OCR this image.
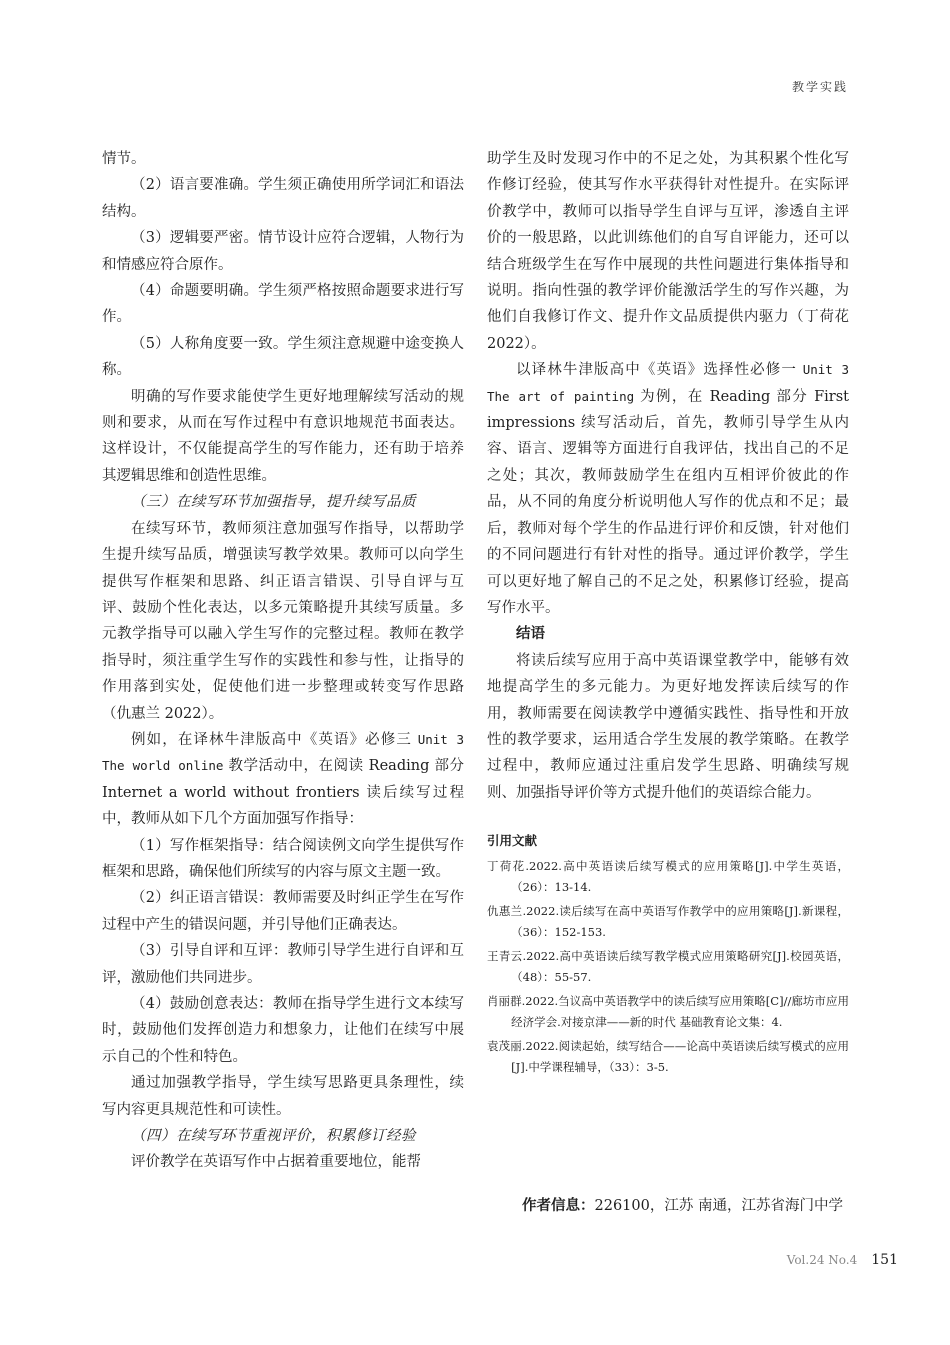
教学实践

情节。

（2）语言要准确。学生须正确使用所学词汇和语法结构。

（3）逻辑要严密。情节设计应符合逻辑，人物行为和情感应符合原作。

（4）命题要明确。学生须严格按照命题要求进行写作。

（5）人称角度要一致。学生须注意规避中途变换人称。

明确的写作要求能使学生更好地理解续写活动的规则和要求，从而在写作过程中有意识地规范书面表达。这样设计，不仅能提高学生的写作能力，还有助于培养其逻辑思维和创造性思维。

（三）在续写环节加强指导，提升续写品质

在续写环节，教师须注意加强写作指导，以帮助学生提升续写品质，增强读写教学效果。教师可以向学生提供写作框架和思路、纠正语言错误、引导自评与互评、鼓励个性化表达，以多元策略提升其续写质量。多元教学指导可以融入学生写作的完整过程。教师在教学指导时，须注重学生写作的实践性和参与性，让指导的作用落到实处，促使他们进一步整理或转变写作思路（仇惠兰 2022）。

例如，在译林牛津版高中《英语》必修三 Unit 3 The world online 教学活动中，在阅读 Reading 部分 Internet a world without frontiers 读后续写过程中，教师从如下几个方面加强写作指导：

（1）写作框架指导：结合阅读例文向学生提供写作框架和思路，确保他们所续写的内容与原文主题一致。

（2）纠正语言错误：教师需要及时纠正学生在写作过程中产生的错误问题，并引导他们正确表达。

（3）引导自评和互评：教师引导学生进行自评和互评，激励他们共同进步。

（4）鼓励创意表达：教师在指导学生进行文本续写时，鼓励他们发挥创造力和想象力，让他们在续写中展示自己的个性和特色。

通过加强教学指导，学生续写思路更具条理性，续写内容更具规范性和可读性。

（四）在续写环节重视评价，积累修订经验

评价教学在英语写作中占据着重要地位，能帮

助学生及时发现习作中的不足之处，为其积累个性化写作修订经验，使其写作水平获得针对性提升。在实际评价教学中，教师可以指导学生自评与互评，渗透自主评价的一般思路，以此训练他们的自写自评能力，还可以结合班级学生在写作中展现的共性问题进行集体指导和说明。指向性强的教学评价能激活学生的写作兴趣，为他们自我修订作文、提升作文品质提供内驱力（丁荷花 2022）。

以译林牛津版高中《英语》选择性必修一 Unit 3 The art of painting 为例，在 Reading 部分 First impressions 续写活动后，首先，教师引导学生从内容、语言、逻辑等方面进行自我评估，找出自己的不足之处；其次，教师鼓励学生在组内互相评价彼此的作品，从不同的角度分析说明他人写作的优点和不足；最后，教师对每个学生的作品进行评价和反馈，针对他们的不同问题进行有针对性的指导。通过评价教学，学生可以更好地了解自己的不足之处，积累修订经验，提高写作水平。

结语

将读后续写应用于高中英语课堂教学中，能够有效地提高学生的多元能力。为更好地发挥读后续写的作用，教师需要在阅读教学中遵循实践性、指导性和开放性的教学要求，运用适合学生发展的教学策略。在教学过程中，教师应通过注重启发学生思路、明确续写规则、加强指导评价等方式提升他们的英语综合能力。

引用文献

丁荷花.2022.高中英语读后续写模式的应用策略[J].中学生英语，（26）：13-14.

仇惠兰.2022.读后续写在高中英语写作教学中的应用策略[J].新课程，（36）：152-153.

王青云.2022.高中英语读后续写教学模式应用策略研究[J].校园英语，（48）：55-57.

肖丽群.2022.刍议高中英语教学中的读后续写应用策略[C]//廊坊市应用经济学会.对接京津——新的时代 基础教育论文集：4.

袁茂丽.2022.阅读起始，续写结合——论高中英语读后续写模式的应用[J].中学课程辅导，（33）：3-5.

作者信息：226100，江苏 南通，江苏省海门中学
Vol.24 No.4 151
